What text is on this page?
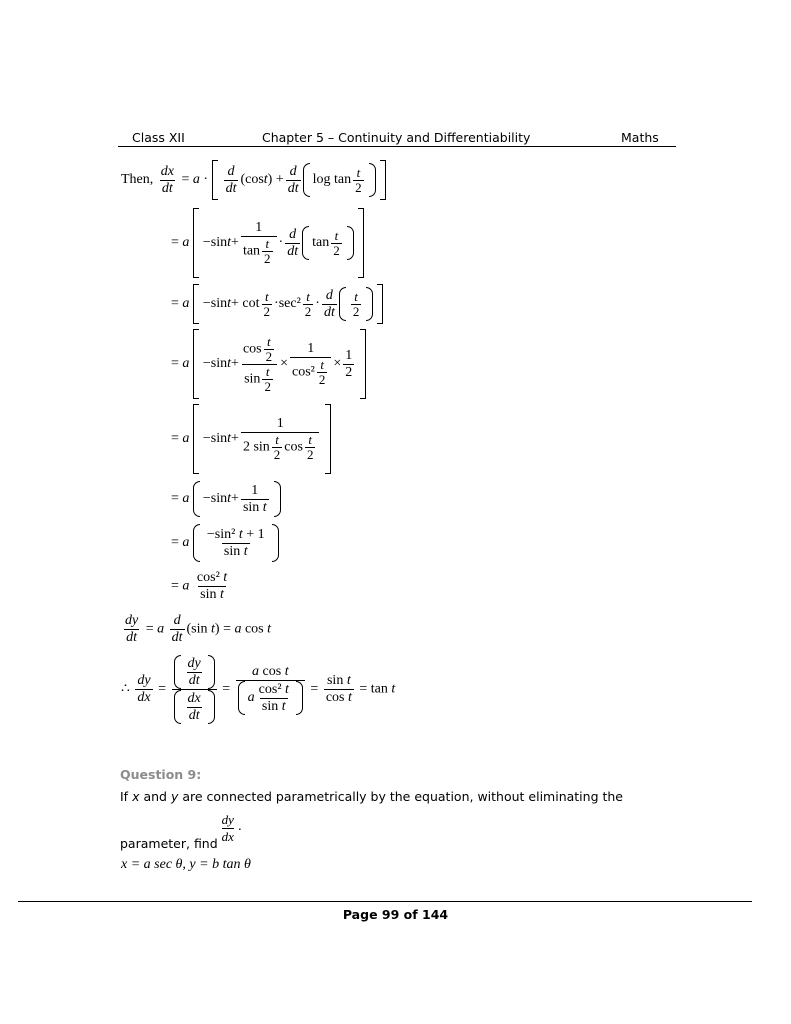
Class XII	Chapter 5 – Continuity and Differentiability	Maths
Then, $\frac{dx}{dt} = a \cdot \frac{d}{dt} (\cos$ t ) + $\frac{d}{dt}$ $\log \tan \frac{t}{2}$
= a
−sin $t + \frac{1}{\tan \frac{t}{2}} \cdot \frac{d}{dt}$ $\tan \frac{t}{2}$
= a
−sin $t + \cot \frac{t}{2} \cdot\sec^2 \frac{t}{2} \cdot \frac{d}{dt} \frac{t}{2}$
= a
−sin $t + \frac{\cos \frac{t}{2}}{\sin \frac{t}{2}} \times \frac{1}{\cos^2 \frac{t}{2}} \times \frac{1}{2}$
= a
−sin $t + \frac{1}{2 \sin \frac{t}{2} \cos \frac{t}{2}}$
= a
−sin $t + \frac{1}{\text{sin t}}$
= a $\frac{\text{−sin² t + 1}}{\text{sin t}}$
= a $\frac{\text{cos² t}}{\text{sin t}}$
$\frac{dy}{dt} = a \frac{d}{dt} (\sin$ t) = a cos t
∴ $\frac{dy}{dx} = \frac{\frac{dy}{dt}}{\frac{dx}{dt}} = \frac{\text{a cos t}}{a \frac{\text{cos² t}}{\text{sin t}}} = \frac{\text{sin t}}{\text{cos t}} = \tan t$
Question 9:
If x and y are connected parametrically by the equation, without eliminating the
parameter, find $\frac{dy}{dx}$ .
x = a sec θ, y = b tan θ
Page 99 of 144
